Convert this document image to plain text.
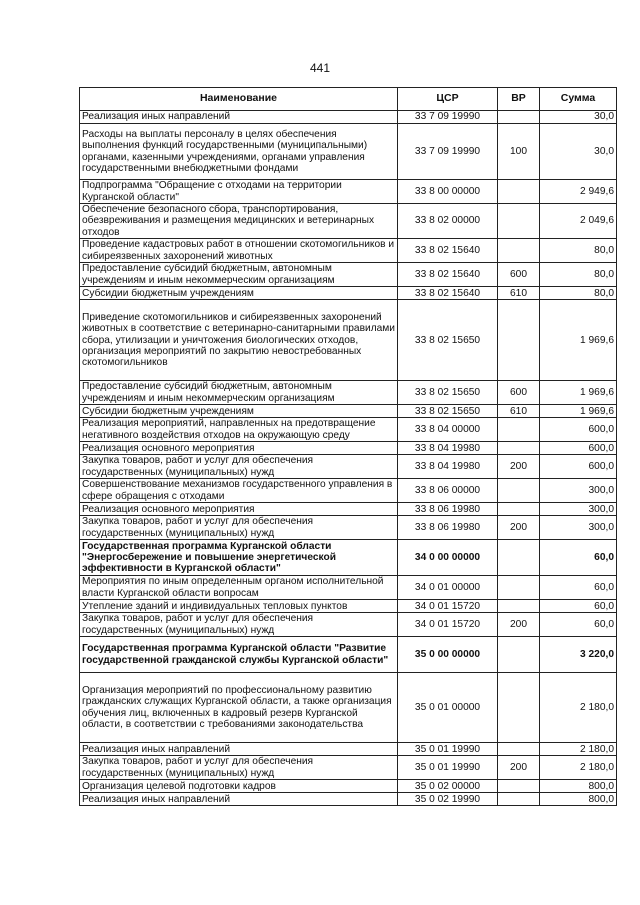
441
Наименование	ЦСР	ВР	Сумма
Реализация иных направлений	33 7 09 19990		30,0
Расходы на выплаты персоналу в целях обеспечения выполнения функций государственными (муниципальными) органами, казенными учреждениями, органами управления государственными внебюджетными фондами	33 7 09 19990	100	30,0
Подпрограмма "Обращение с отходами на территории Курганской области"	33 8 00 00000		2 949,6
Обеспечение безопасного сбора, транспортирования, обезвреживания и размещения медицинских и ветеринарных отходов	33 8 02 00000		2 049,6
Проведение кадастровых работ в отношении скотомогильников и сибиреязвенных захоронений животных	33 8 02 15640		80,0
Предоставление субсидий бюджетным, автономным учреждениям и иным некоммерческим организациям	33 8 02 15640	600	80,0
Субсидии бюджетным учреждениям	33 8 02 15640	610	80,0
Приведение скотомогильников и сибиреязвенных захоронений животных в соответствие с ветеринарно-санитарными правилами сбора, утилизации и уничтожения биологических отходов, организация мероприятий по закрытию невостребованных скотомогильников	33 8 02 15650		1 969,6
Предоставление субсидий бюджетным, автономным учреждениям и иным некоммерческим организациям	33 8 02 15650	600	1 969,6
Субсидии бюджетным учреждениям	33 8 02 15650	610	1 969,6
Реализация мероприятий, направленных на предотвращение негативного воздействия отходов на окружающую среду	33 8 04 00000		600,0
Реализация основного мероприятия	33 8 04 19980		600,0
Закупка товаров, работ и услуг для обеспечения государственных (муниципальных) нужд	33 8 04 19980	200	600,0
Совершенствование механизмов государственного управления в сфере обращения с отходами	33 8 06 00000		300,0
Реализация основного мероприятия	33 8 06 19980		300,0
Закупка товаров, работ и услуг для обеспечения государственных (муниципальных) нужд	33 8 06 19980	200	300,0
Государственная программа Курганской области "Энергосбережение и повышение энергетической эффективности в Курганской области"	34 0 00 00000		60,0
Мероприятия по иным определенным органом исполнительной власти Курганской области вопросам	34 0 01 00000		60,0
Утепление зданий и индивидуальных тепловых пунктов	34 0 01 15720		60,0
Закупка товаров, работ и услуг для обеспечения государственных (муниципальных) нужд	34 0 01 15720	200	60,0
Государственная программа Курганской области "Развитие государственной гражданской службы Курганской области"	35 0 00 00000		3 220,0
Организация мероприятий по профессиональному развитию гражданских служащих Курганской области, а также организация обучения лиц, включенных в кадровый резерв Курганской области, в соответствии с требованиями законодательства	35 0 01 00000		2 180,0
Реализация иных направлений	35 0 01 19990		2 180,0
Закупка товаров, работ и услуг для обеспечения государственных (муниципальных) нужд	35 0 01 19990	200	2 180,0
Организация целевой подготовки кадров	35 0 02 00000		800,0
Реализация иных направлений	35 0 02 19990		800,0
